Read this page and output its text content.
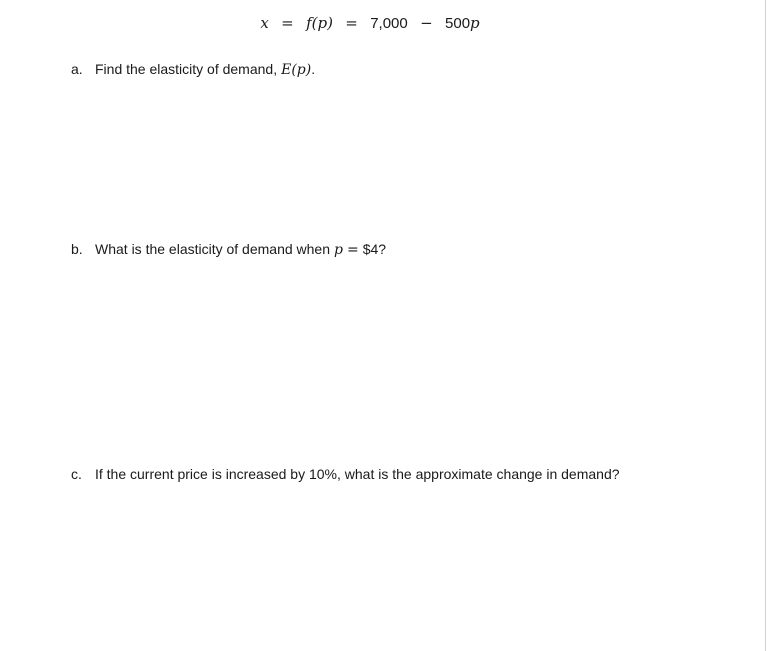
x = f(p) = 7,000 − 500p
a. Find the elasticity of demand, E(p) .
b. What is the elasticity of demand when p = $4?
c. If the current price is increased by 10%, what is the approximate change in demand?
